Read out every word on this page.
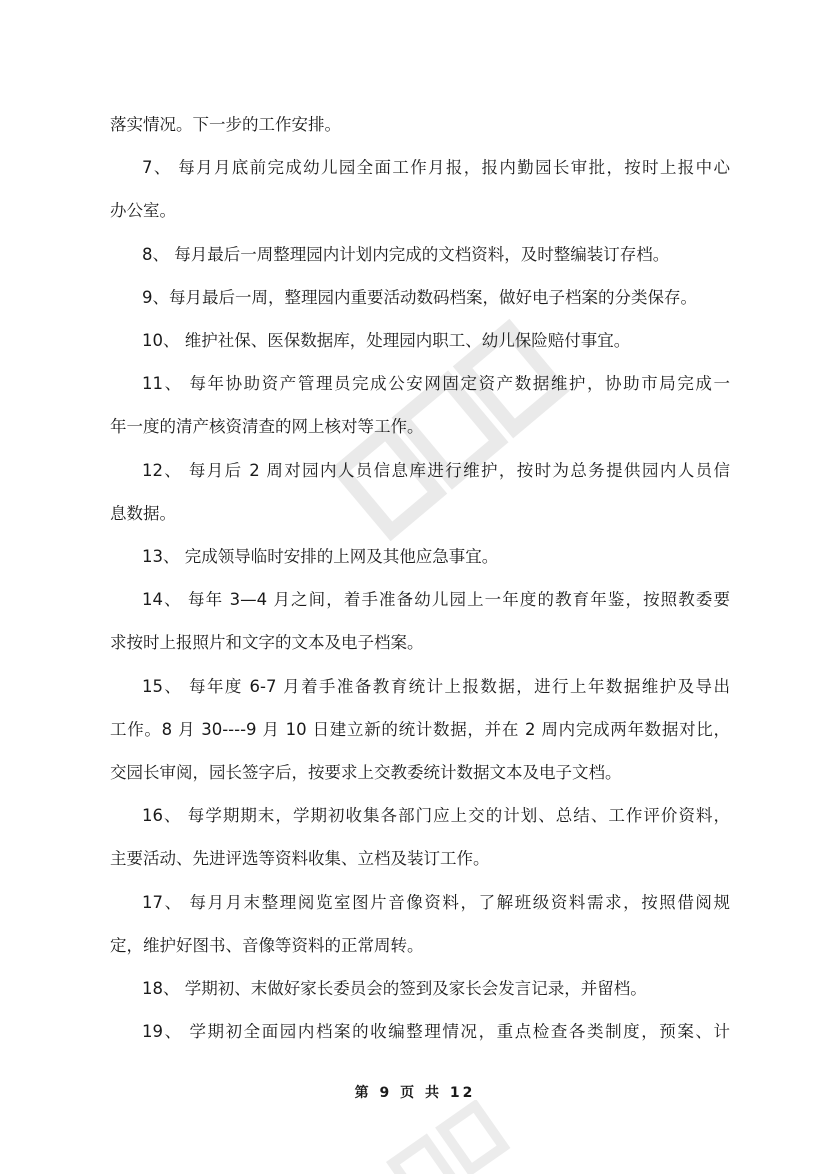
落实情况。下一步的工作安排。
7、 每月月底前完成幼儿园全面工作月报，报内勤园长审批，按时上报中心
办公室。
8、 每月最后一周整理园内计划内完成的文档资料，及时整编装订存档。
9、每月最后一周，整理园内重要活动数码档案，做好电子档案的分类保存。
10、 维护社保、医保数据库，处理园内职工、幼儿保险赔付事宜。
11、 每年协助资产管理员完成公安网固定资产数据维护，协助市局完成一
年一度的清产核资清查的网上核对等工作。
12、 每月后 2 周对园内人员信息库进行维护，按时为总务提供园内人员信
息数据。
13、 完成领导临时安排的上网及其他应急事宜。
14、 每年 3—4 月之间，着手准备幼儿园上一年度的教育年鉴，按照教委要
求按时上报照片和文字的文本及电子档案。
15、 每年度 6-7 月着手准备教育统计上报数据，进行上年数据维护及导出
工作。8 月 30----9 月 10 日建立新的统计数据，并在 2 周内完成两年数据对比，
交园长审阅，园长签字后，按要求上交教委统计数据文本及电子文档。
16、 每学期期末，学期初收集各部门应上交的计划、总结、工作评价资料，
主要活动、先进评选等资料收集、立档及装订工作。
17、 每月月末整理阅览室图片音像资料，了解班级资料需求，按照借阅规
定，维护好图书、音像等资料的正常周转。
18、 学期初、末做好家长委员会的签到及家长会发言记录，并留档。
19、 学期初全面园内档案的收编整理情况，重点检查各类制度，预案、计
第 9 页 共 12
